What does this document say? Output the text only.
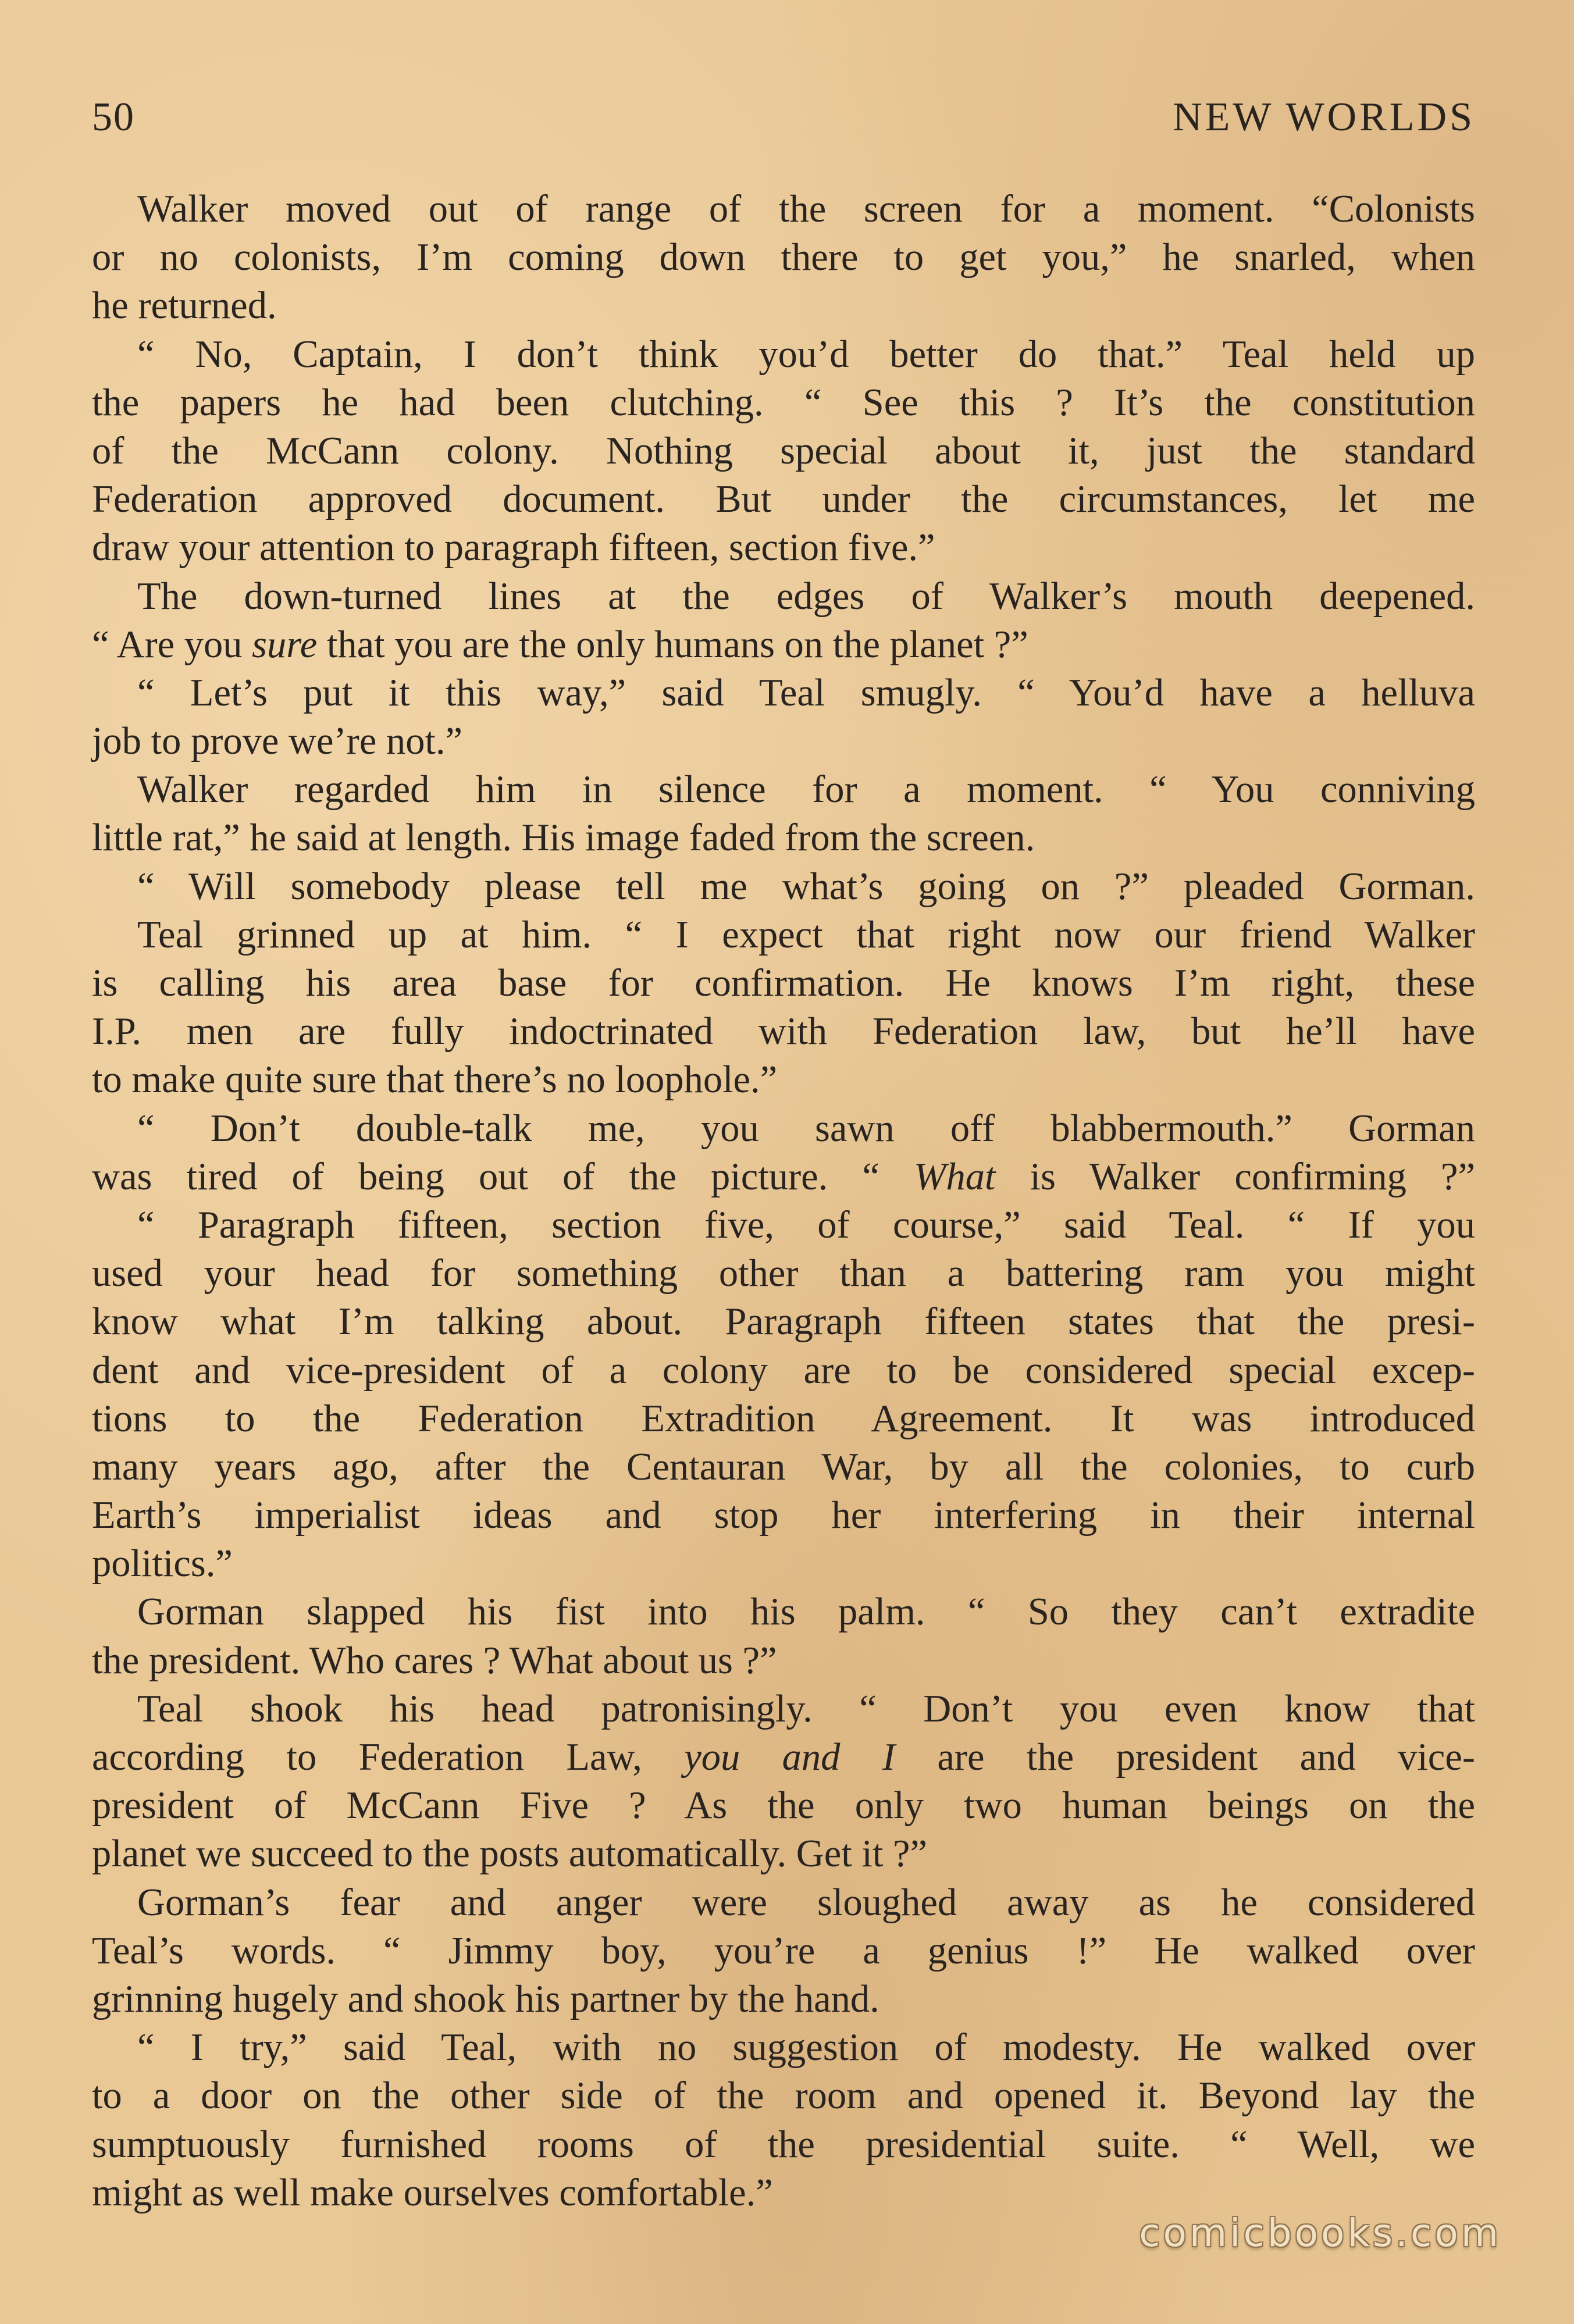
50	NEW WORLDS
Walker moved out of range of the screen for a moment. “Colonists
or no colonists, I’m coming down there to get you,” he snarled, when
he returned.
“ No, Captain, I don’t think you’d better do that.” Teal held up
the papers he had been clutching. “ See this ? It’s the constitution
of the McCann colony. Nothing special about it, just the standard
Federation approved document. But under the circumstances, let me
draw your attention to paragraph fifteen, section five.”
The down-turned lines at the edges of Walker’s mouth deepened.
“ Are you sure that you are the only humans on the planet ?”
“ Let’s put it this way,” said Teal smugly. “ You’d have a helluva
job to prove we’re not.”
Walker regarded him in silence for a moment. “ You conniving
little rat,” he said at length. His image faded from the screen.
“ Will somebody please tell me what’s going on ?” pleaded Gorman.
Teal grinned up at him. “ I expect that right now our friend Walker
is calling his area base for confirmation. He knows I’m right, these
I.P. men are fully indoctrinated with Federation law, but he’ll have
to make quite sure that there’s no loophole.”
“ Don’t double-talk me, you sawn off blabbermouth.” Gorman
was tired of being out of the picture. “ What is Walker confirming ?”
“ Paragraph fifteen, section five, of course,” said Teal. “ If you
used your head for something other than a battering ram you might
know what I’m talking about. Paragraph fifteen states that the presi-
dent and vice-president of a colony are to be considered special excep-
tions to the Federation Extradition Agreement. It was introduced
many years ago, after the Centauran War, by all the colonies, to curb
Earth’s imperialist ideas and stop her interfering in their internal
politics.”
Gorman slapped his fist into his palm. “ So they can’t extradite
the president. Who cares ? What about us ?”
Teal shook his head patronisingly. “ Don’t you even know that
according to Federation Law, you and I are the president and vice-
president of McCann Five ? As the only two human beings on the
planet we succeed to the posts automatically. Get it ?”
Gorman’s fear and anger were sloughed away as he considered
Teal’s words. “ Jimmy boy, you’re a genius !” He walked over
grinning hugely and shook his partner by the hand.
“ I try,” said Teal, with no suggestion of modesty. He walked over
to a door on the other side of the room and opened it. Beyond lay the
sumptuously furnished rooms of the presidential suite. “ Well, we
might as well make ourselves comfortable.”
comicbooks.com
